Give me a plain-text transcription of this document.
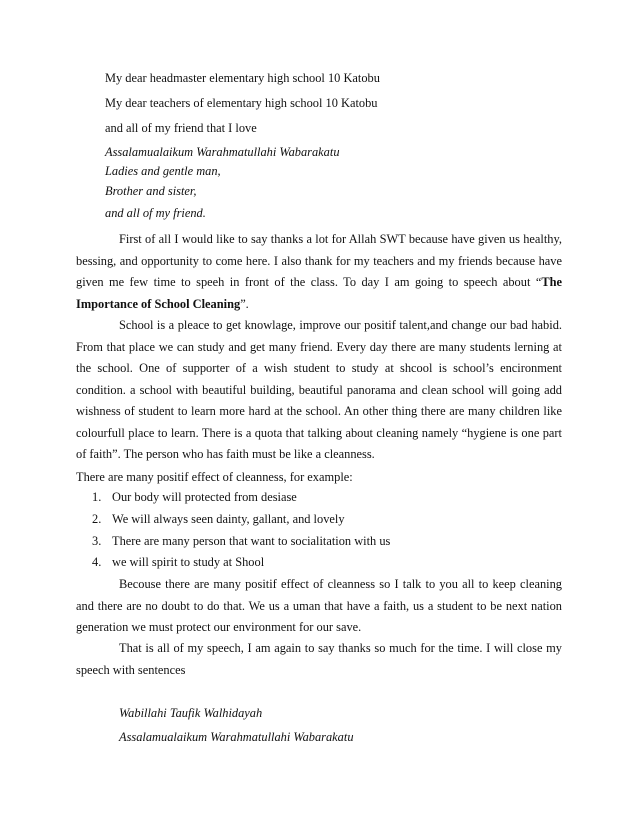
My dear headmaster elementary high school 10 Katobu
My dear teachers of elementary high school 10 Katobu
and all of my friend that I love
Assalamualaikum Warahmatullahi Wabarakatu
Ladies and gentle man,
Brother and sister,
and all of my friend.

First of all I would like to say thanks a lot for Allah SWT because have given us healthy, bessing, and opportunity to come here. I also thank for my teachers and my friends because have given me few time to speeh in front of the class. To day I am going to speech about “The Importance of School Cleaning”.

School is a pleace to get knowlage, improve our positif talent,and change our bad habid. From that place we can study and get many friend. Every day there are many students lerning at the school. One of supporter of a wish student to study at shcool is school’s encironment condition. a school with beautiful building, beautiful panorama and clean school will going add wishness of student to learn more hard at the school. An other thing there are many children like colourfull place to learn. There is a quota that talking about cleaning namely “hygiene is one part of faith”. The person who has faith must be like a cleanness.

There are many positif effect of cleanness, for example:
1. Our body will protected from desiase
2. We will always seen dainty, gallant, and lovely
3. There are many person that want to socialitation with us
4. we will spirit to study at Shool

Becouse there are many positif effect of cleanness so I talk to you all to keep cleaning and there are no doubt to do that. We us a uman that have a faith, us a student to be next nation generation we must protect our environment for our save.

That is all of my speech, I am again to say thanks so much for the time. I will close my speech with sentences

Wabillahi Taufik Walhidayah
Assalamualaikum Warahmatullahi Wabarakatu
